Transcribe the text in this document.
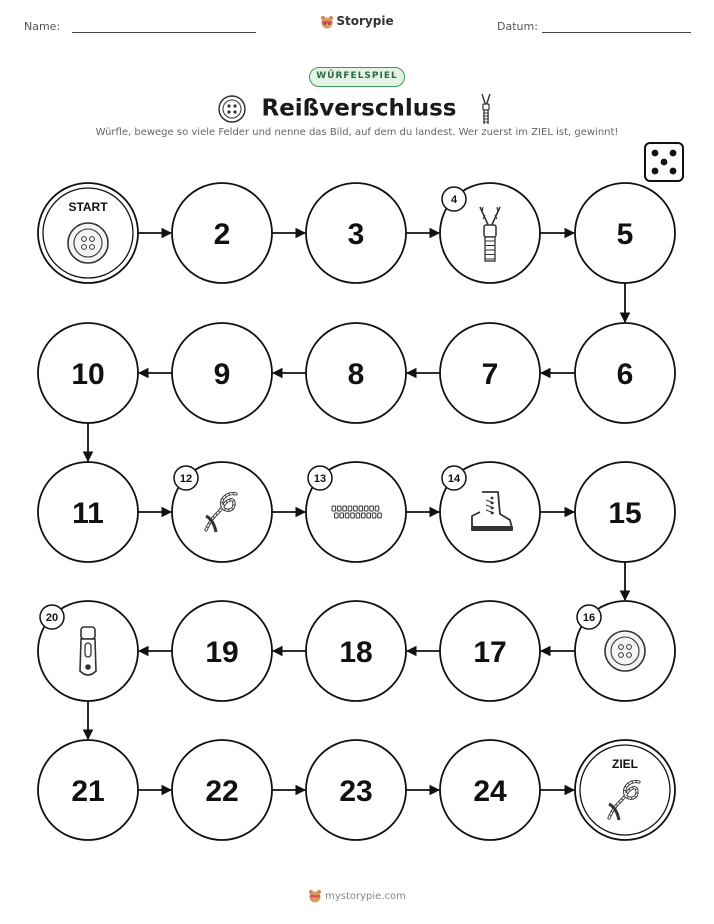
Name:	Storypie	Datum:
WÜRFELSPIEL
Reißverschluss
Würfle, bewege so viele Felder und nenne das Bild, auf dem du landest. Wer zuerst im ZIEL ist, gewinnt!
START
2	3
4
5
6
7
8
9
10
11
12	13	14
15
16
17
18
19
20
21	22	23	24
ZIEL
mystorypie.com
